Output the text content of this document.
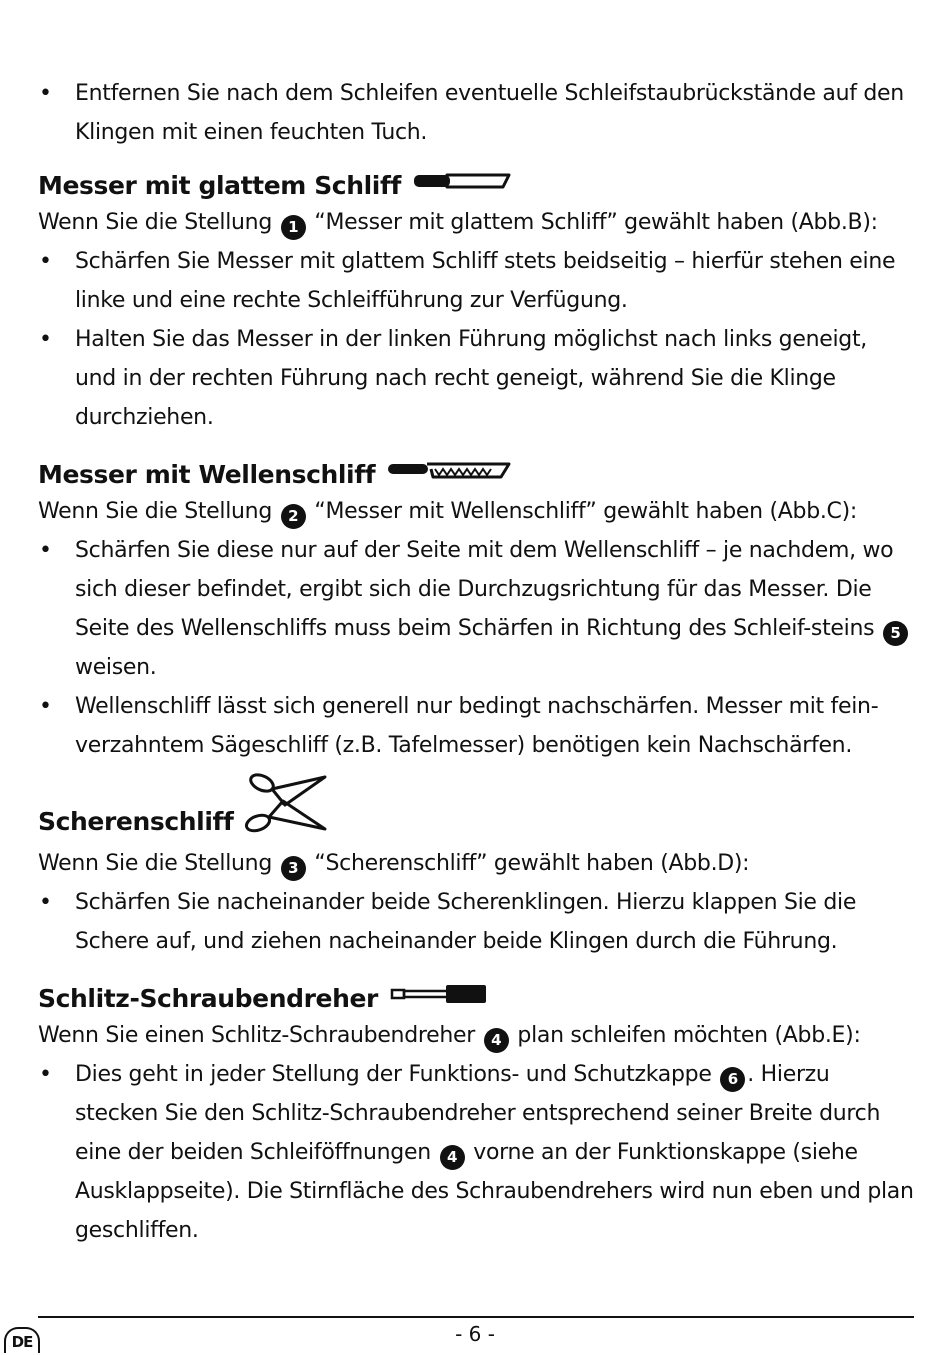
• Entfernen Sie nach dem Schleifen eventuelle Schleifstaubrückstände auf den Klingen mit einen feuchten Tuch.
Messer mit glattem Schliff

Wenn Sie die Stellung 1 “Messer mit glattem Schliff” gewählt haben (Abb.B):

• Schärfen Sie Messer mit glattem Schliff stets beidseitig – hierfür stehen eine linke und eine rechte Schleifführung zur Verfügung.
• Halten Sie das Messer in der linken Führung möglichst nach links geneigt, und in der rechten Führung nach recht geneigt, während Sie die Klinge durchziehen.
Messer mit Wellenschliff

Wenn Sie die Stellung 2 “Messer mit Wellenschliff” gewählt haben (Abb.C):

• Schärfen Sie diese nur auf der Seite mit dem Wellenschliff – je nachdem, wo sich dieser befindet, ergibt sich die Durchzugsrichtung für das Messer. Die Seite des Wellenschliffs muss beim Schärfen in Richtung des Schleif-steins 5 weisen.
• Wellenschliff lässt sich generell nur bedingt nachschärfen. Messer mit fein-verzahntem Sägeschliff (z.B. Tafelmesser) benötigen kein Nachschärfen.
Scherenschliff

Wenn Sie die Stellung 3 “Scherenschliff” gewählt haben (Abb.D):

• Schärfen Sie nacheinander beide Scherenklingen. Hierzu klappen Sie die Schere auf, und ziehen nacheinander beide Klingen durch die Führung.
Schlitz-Schraubendreher

Wenn Sie einen Schlitz-Schraubendreher 4 plan schleifen möchten (Abb.E):

• Dies geht in jeder Stellung der Funktions- und Schutzkappe 6 . Hierzu stecken Sie den Schlitz-Schraubendreher entsprechend seiner Breite durch eine der beiden Schleiföffnungen 4 vorne an der Funktionskappe (siehe Ausklappseite). Die Stirnfläche des Schraubendrehers wird nun eben und plan geschliffen.
DE	- 6 -
